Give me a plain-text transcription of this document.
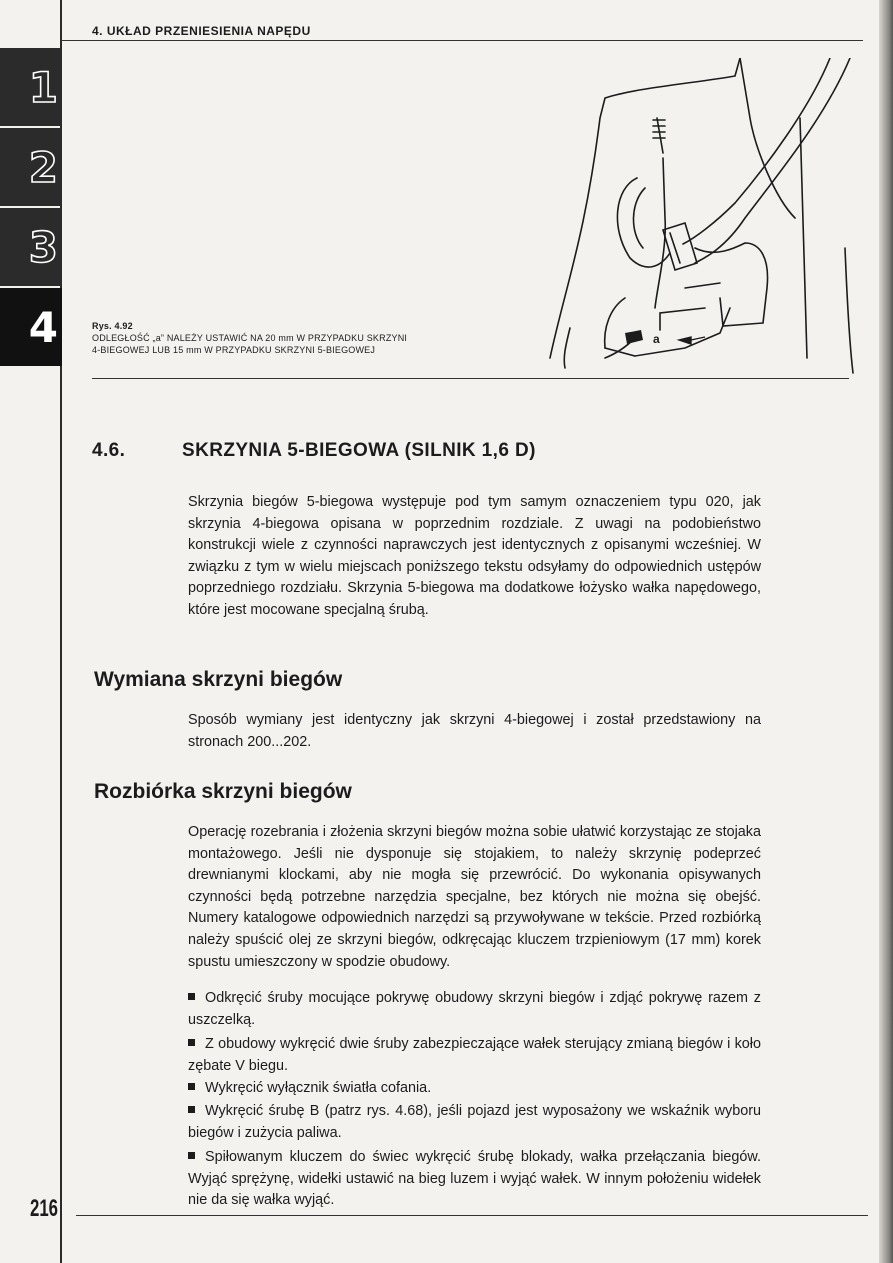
4. UKŁAD PRZENIESIENIA NAPĘDU
1
2
3
4	a
Rys. 4.92
ODLEGŁOŚĆ „a” NALEŻY USTAWIĆ NA 20 mm W PRZYPADKU SKRZYNI
4-BIEGOWEJ LUB 15 mm W PRZYPADKU SKRZYNI 5-BIEGOWEJ
4.6.	SKRZYNIA 5-BIEGOWA (SILNIK 1,6 D)
Skrzynia biegów 5-biegowa występuje pod tym samym oznaczeniem typu 020, jak skrzynia 4-biegowa opisana w poprzednim rozdziale. Z uwagi na podobieństwo konstrukcji wiele z czynności naprawczych jest identycznych z opisanymi wcześniej. W związku z tym w wielu miejscach poniższego tekstu odsyłamy do odpowiednich ustępów poprzedniego rozdziału. Skrzynia 5-biegowa ma dodatkowe łożysko wałka napędowego, które jest mocowane specjalną śrubą.
Wymiana skrzyni biegów
Sposób wymiany jest identyczny jak skrzyni 4-biegowej i został przedstawiony na stronach 200...202.
Rozbiórka skrzyni biegów
Operację rozebrania i złożenia skrzyni biegów można sobie ułatwić korzystając ze stojaka montażowego. Jeśli nie dysponuje się stojakiem, to należy skrzynię podeprzeć drewnianymi klockami, aby nie mogła się przewrócić. Do wykonania opisywanych czynności będą potrzebne narzędzia specjalne, bez których nie można się obejść. Numery katalogowe odpowiednich narzędzi są przywoływane w tekście. Przed rozbiórką należy spuścić olej ze skrzyni biegów, odkręcając kluczem trzpieniowym (17 mm) korek spustu umieszczony w spodzie obudowy.
Odkręcić śruby mocujące pokrywę obudowy skrzyni biegów i zdjąć pokrywę razem z uszczelką.
Z obudowy wykręcić dwie śruby zabezpieczające wałek sterujący zmianą biegów i koło zębate V biegu.
Wykręcić wyłącznik światła cofania.
Wykręcić śrubę B (patrz rys. 4.68), jeśli pojazd jest wyposażony we wskaźnik wyboru biegów i zużycia paliwa.
Spiłowanym kluczem do świec wykręcić śrubę blokady, wałka przełączania biegów. Wyjąć sprężynę, widełki ustawić na bieg luzem i wyjąć wałek. W innym położeniu widełek nie da się wałka wyjąć.
216
